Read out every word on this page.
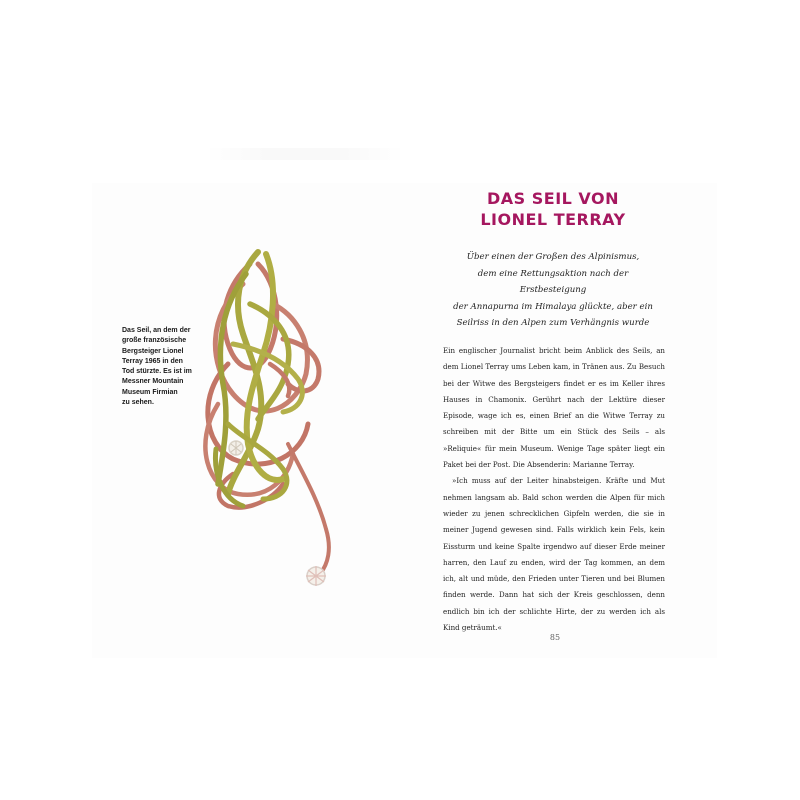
Das Seil, an dem der
große französische
Bergsteiger Lionel
Terray 1965 in den
Tod stürzte. Es ist im
Messner Mountain
Museum Firmian
zu sehen.

DAS SEIL VON
LIONEL TERRAY

Über einen der Großen des Alpinismus,
dem eine Rettungsaktion nach der Erstbesteigung
der Annapurna im Himalaya glückte, aber ein
Seilriss in den Alpen zum Verhängnis wurde

Ein englischer Journalist bricht beim Anblick des Seils, an dem Lionel Terray ums Leben kam, in Tränen aus. Zu Besuch bei der Witwe des Bergsteigers findet er es im Keller ihres Hauses in Chamonix. Gerührt nach der Lektüre dieser Episode, wage ich es, einen Brief an die Witwe Terray zu schreiben mit der Bitte um ein Stück des Seils – als »Reliquie« für mein Museum. Wenige Tage später liegt ein Paket bei der Post. Die Absenderin: Marianne Terray.

»Ich muss auf der Leiter hinabsteigen. Kräfte und Mut nehmen langsam ab. Bald schon werden die Alpen für mich wieder zu jenen schrecklichen Gipfeln werden, die sie in meiner Jugend gewesen sind. Falls wirklich kein Fels, kein Eissturm und keine Spalte irgendwo auf dieser Erde meiner harren, den Lauf zu enden, wird der Tag kommen, an dem ich, alt und müde, den Frieden unter Tieren und bei Blumen finden werde. Dann hat sich der Kreis geschlossen, denn endlich bin ich der schlichte Hirte, der zu werden ich als Kind geträumt.«

85
